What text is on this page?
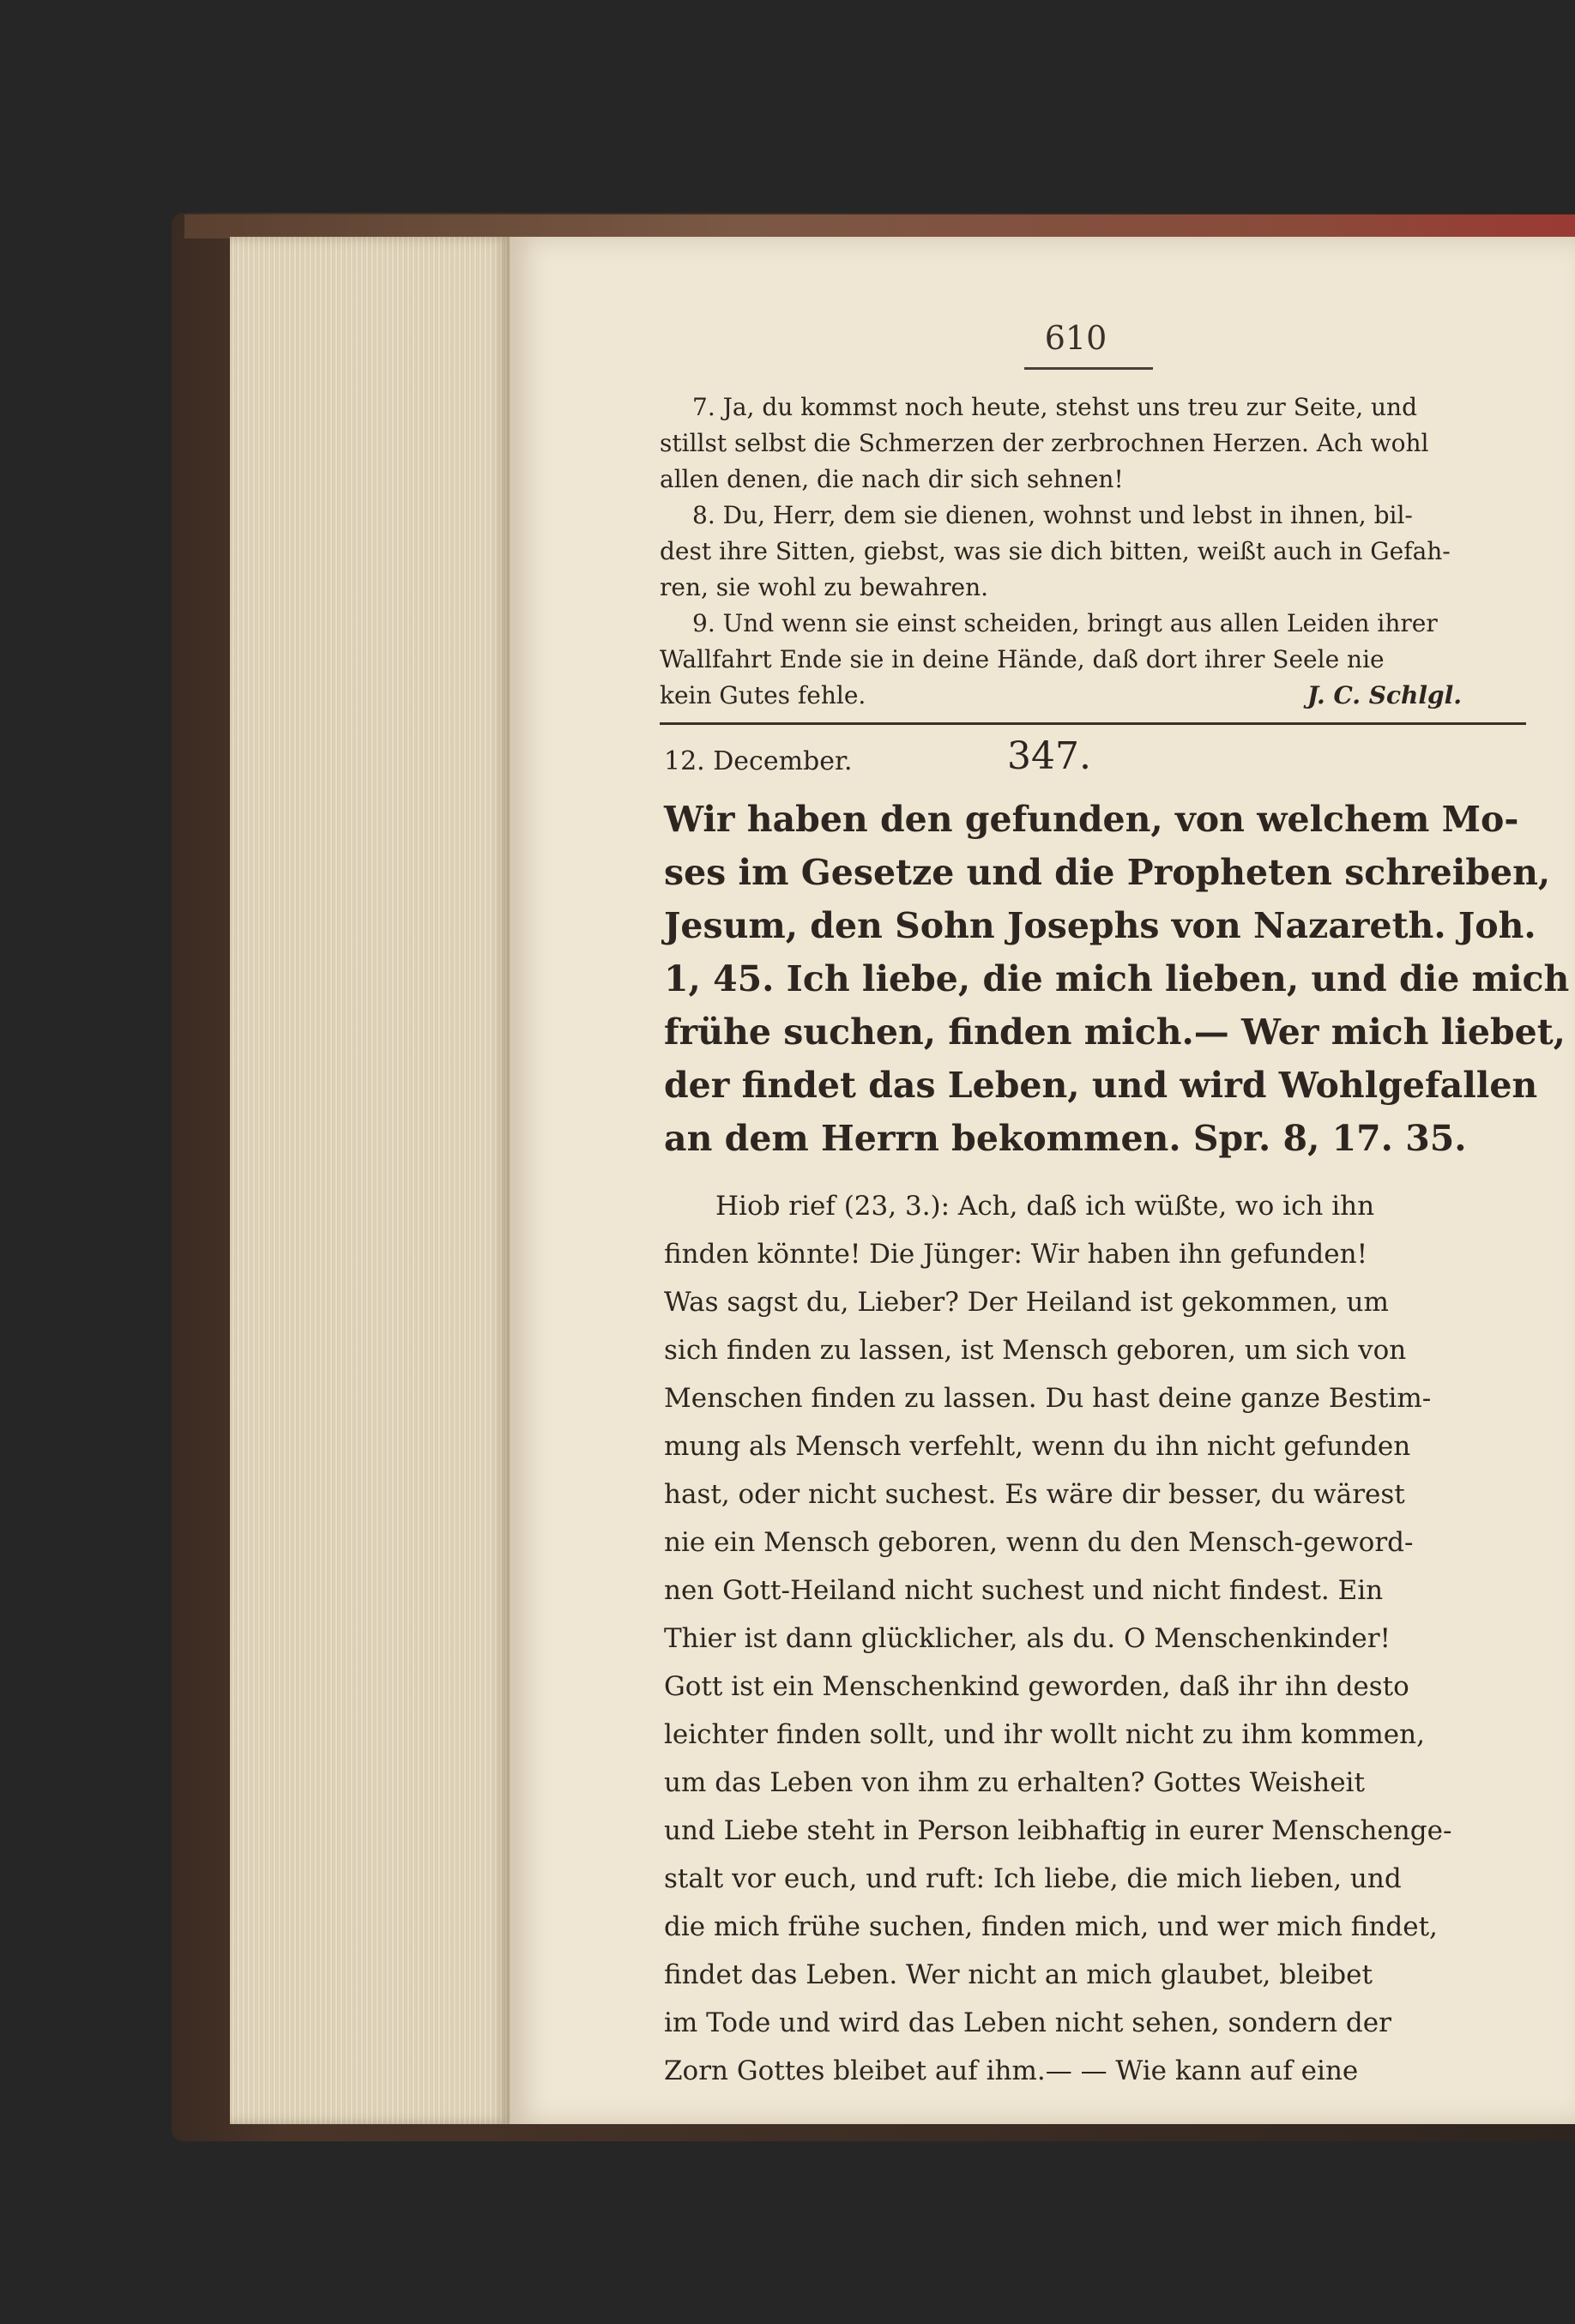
610
7. Ja, du kommst noch heute, stehst uns treu zur Seite, und
stillst selbst die Schmerzen der zerbrochnen Herzen. Ach wohl
allen denen, die nach dir sich sehnen!
8. Du, Herr, dem sie dienen, wohnst und lebst in ihnen, bil-
dest ihre Sitten, giebst, was sie dich bitten, weißt auch in Gefah-
ren, sie wohl zu bewahren.
9. Und wenn sie einst scheiden, bringt aus allen Leiden ihrer
Wallfahrt Ende sie in deine Hände, daß dort ihrer Seele nie
kein Gutes fehle.	J. C. Schlgl.
12. December.	347.
Wir haben den gefunden, von welchem Mo-
ses im Gesetze und die Propheten schreiben,
Jesum, den Sohn Josephs von Nazareth. Joh.
1, 45. Ich liebe, die mich lieben, und die mich
frühe suchen, finden mich.— Wer mich liebet,
der findet das Leben, und wird Wohlgefallen
an dem Herrn bekommen. Spr. 8, 17. 35.
Hiob rief (23, 3.): Ach, daß ich wüßte, wo ich ihn
finden könnte! Die Jünger: Wir haben ihn gefunden!
Was sagst du, Lieber? Der Heiland ist gekommen, um
sich finden zu lassen, ist Mensch geboren, um sich von
Menschen finden zu lassen. Du hast deine ganze Bestim-
mung als Mensch verfehlt, wenn du ihn nicht gefunden
hast, oder nicht suchest. Es wäre dir besser, du wärest
nie ein Mensch geboren, wenn du den Mensch-geword-
nen Gott-Heiland nicht suchest und nicht findest. Ein
Thier ist dann glücklicher, als du. O Menschenkinder!
Gott ist ein Menschenkind geworden, daß ihr ihn desto
leichter finden sollt, und ihr wollt nicht zu ihm kommen,
um das Leben von ihm zu erhalten? Gottes Weisheit
und Liebe steht in Person leibhaftig in eurer Menschenge-
stalt vor euch, und ruft: Ich liebe, die mich lieben, und
die mich frühe suchen, finden mich, und wer mich findet,
findet das Leben. Wer nicht an mich glaubet, bleibet
im Tode und wird das Leben nicht sehen, sondern der
Zorn Gottes bleibet auf ihm.— — Wie kann auf eine
